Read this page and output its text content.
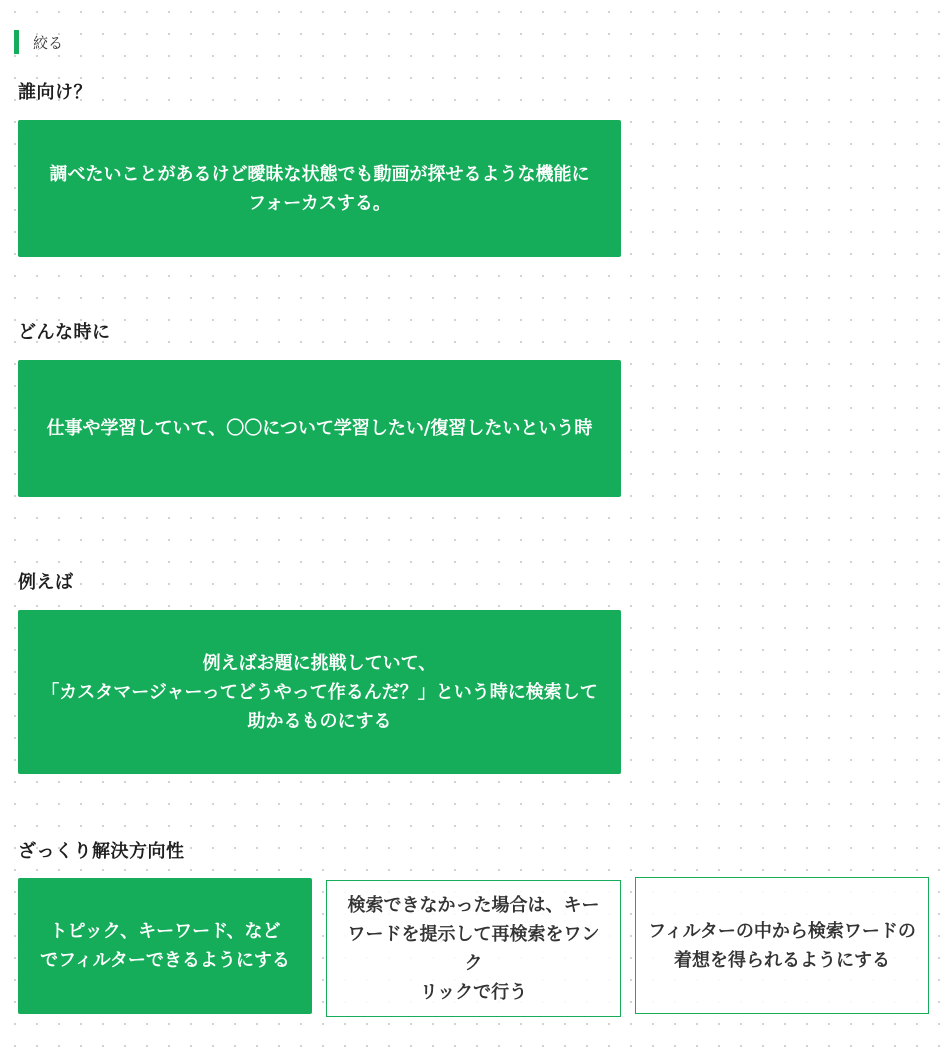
絞る
誰向け？
調べたいことがあるけど曖昧な状態でも動画が探せるような機能に
フォーカスする。
どんな時に
仕事や学習していて、〇〇について学習したい/復習したいという時
例えば
例えばお題に挑戦していて、
「カスタマージャーってどうやって作るんだ？」という時に検索して
助かるものにする
ざっくり解決方向性
トピック、キーワード、など
でフィルターできるようにする
検索できなかった場合は、キー
ワードを提示して再検索をワンク
リックで行う
フィルターの中から検索ワードの
着想を得られるようにする
